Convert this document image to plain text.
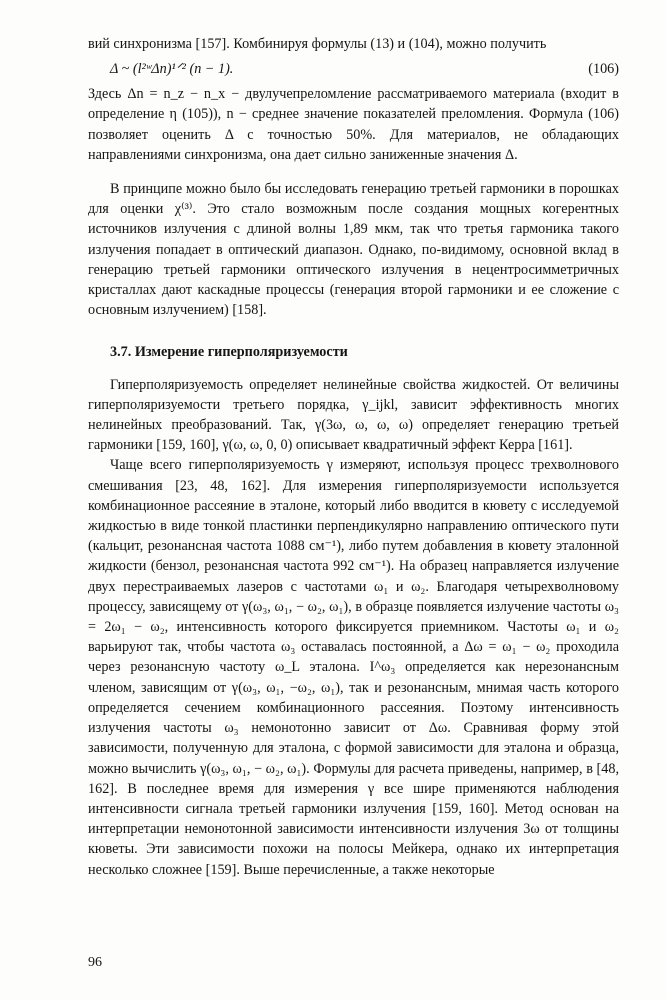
вий синхронизма [157]. Комбинируя формулы (13) и (104), можно получить

Δ ~ (l²ʷΔn)¹ᐟ² (n − 1).	(106)

Здесь Δn = n_z − n_x − двулучепреломление рассматриваемого материала (входит в определение η (105)), n − среднее значение показателей преломления. Формула (106) позволяет оценить Δ с точностью 50%. Для материалов, не обладающих направлениями синхронизма, она дает сильно заниженные значения Δ.

В принципе можно было бы исследовать генерацию третьей гармоники в порошках для оценки χ⁽³⁾. Это стало возможным после создания мощных когерентных источников излучения с длиной волны 1,89 мкм, так что третья гармоника такого излучения попадает в оптический диапазон. Однако, по-видимому, основной вклад в генерацию третьей гармоники оптического излучения в нецентросимметричных кристаллах дают каскадные процессы (генерация второй гармоники и ее сложение с основным излучением) [158].

3.7. Измерение гиперполяризуемости

Гиперполяризуемость определяет нелинейные свойства жидкостей. От величины гиперполяризуемости третьего порядка, γ_ijkl, зависит эффективность многих нелинейных преобразований. Так, γ(3ω, ω, ω, ω) определяет генерацию третьей гармоники [159, 160], γ(ω, ω, 0, 0) описывает квадратичный эффект Керра [161].

Чаще всего гиперполяризуемость γ измеряют, используя процесс трехволнового смешивания [23, 48, 162]. Для измерения гиперполяризуемости используется комбинационное рассеяние в эталоне, который либо вводится в кювету с исследуемой жидкостью в виде тонкой пластинки перпендикулярно направлению оптического пути (кальцит, резонансная частота 1088 см⁻¹), либо путем добавления в кювету эталонной жидкости (бензол, резонансная частота 992 см⁻¹). На образец направляется излучение двух перестраиваемых лазеров с частотами ω₁ и ω₂. Благодаря четырехволновому процессу, зависящему от γ(ω₃, ω₁, − ω₂, ω₁), в образце появляется излучение частоты ω₃ = 2ω₁ − ω₂, интенсивность которого фиксируется приемником. Частоты ω₁ и ω₂ варьируют так, чтобы частота ω₃ оставалась постоянной, а Δω = ω₁ − ω₂ проходила через резонансную частоту ω_L эталона. I^ω₃ определяется как нерезонансным членом, зависящим от γ(ω₃, ω₁, −ω₂, ω₁), так и резонансным, мнимая часть которого определяется сечением комбинационного рассеяния. Поэтому интенсивность излучения частоты ω₃ немонотонно зависит от Δω. Сравнивая форму этой зависимости, полученную для эталона, с формой зависимости для эталона и образца, можно вычислить γ(ω₃, ω₁, − ω₂, ω₁). Формулы для расчета приведены, например, в [48, 162]. В последнее время для измерения γ все шире применяются наблюдения интенсивности сигнала третьей гармоники излучения [159, 160]. Метод основан на интерпретации немонотонной зависимости интенсивности излучения 3ω от толщины кюветы. Эти зависимости похожи на полосы Мейкера, однако их интерпретация несколько сложнее [159]. Выше перечисленные, а также некоторые

96
